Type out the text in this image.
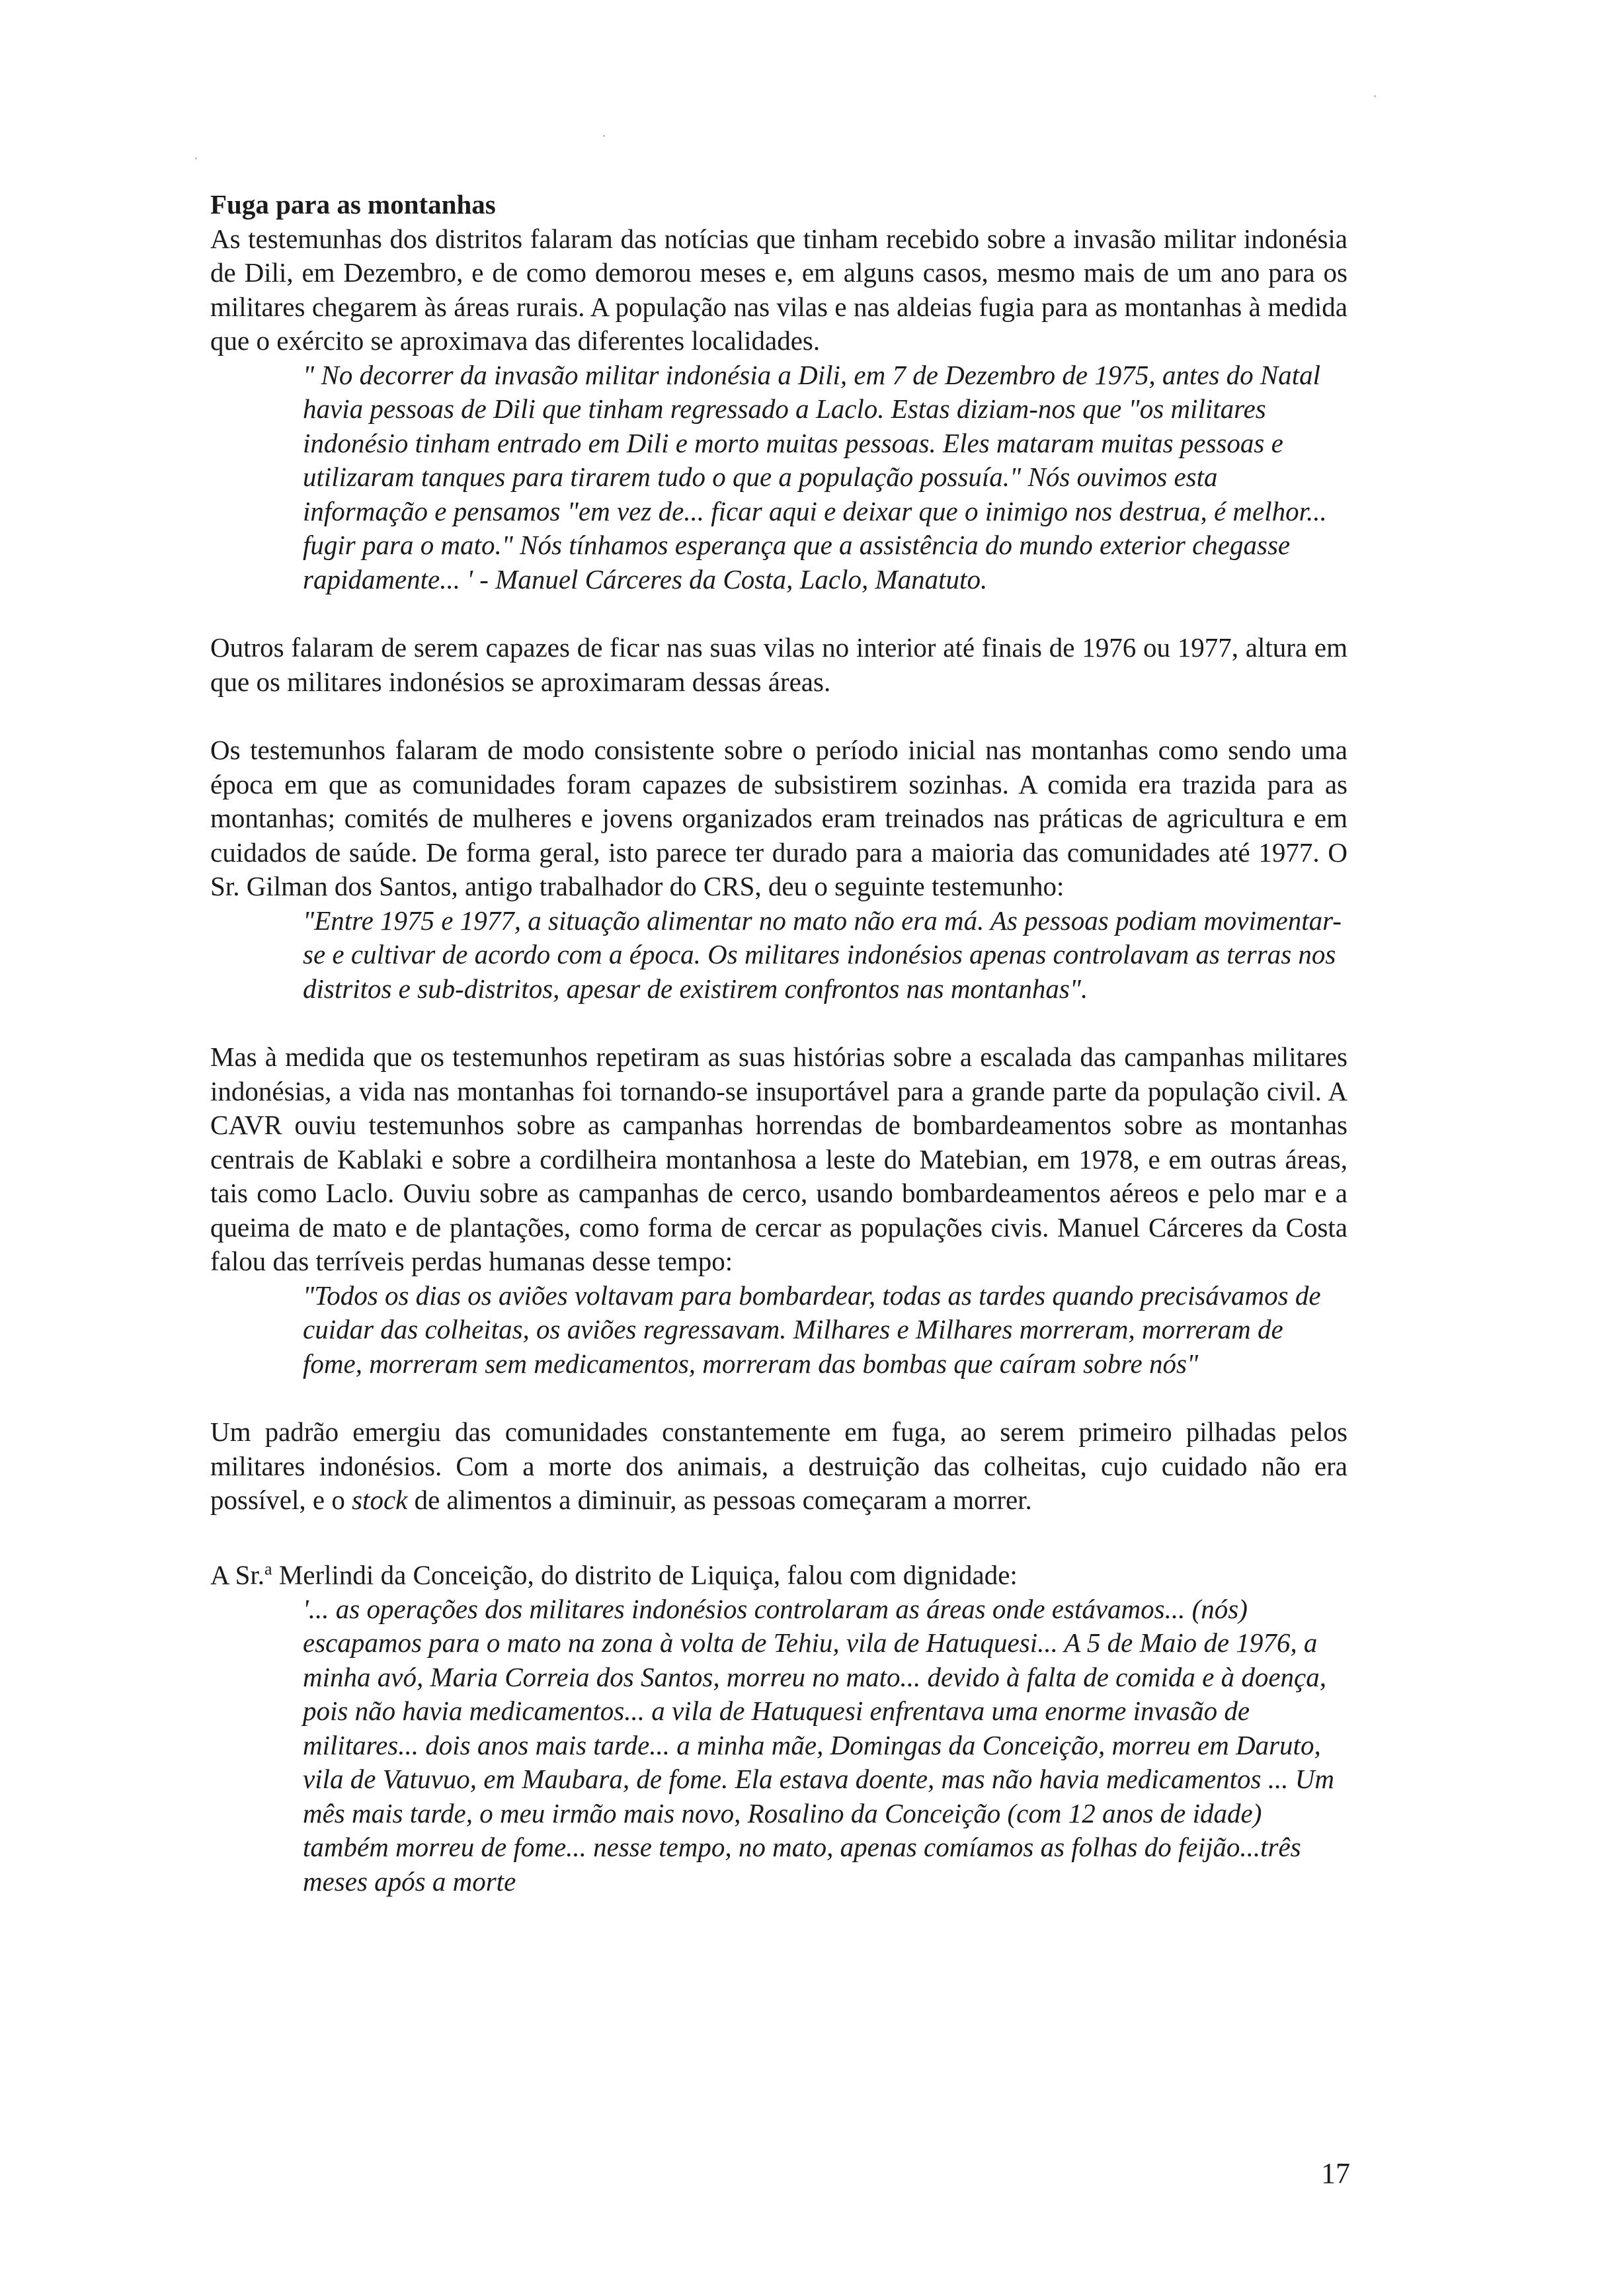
Fuga para as montanhas

As testemunhas dos distritos falaram das notícias que tinham recebido sobre a invasão militar indonésia de Dili, em Dezembro, e de como demorou meses e, em alguns casos, mesmo mais de um ano para os militares chegarem às áreas rurais. A população nas vilas e nas aldeias fugia para as montanhas à medida que o exército se aproximava das diferentes localidades.

" No decorrer da invasão militar indonésia a Dili, em 7 de Dezembro de 1975, antes do Natal havia pessoas de Dili que tinham regressado a Laclo. Estas diziam-nos que "os militares indonésio tinham entrado em Dili e morto muitas pessoas. Eles mataram muitas pessoas e utilizaram tanques para tirarem tudo o que a população possuía." Nós ouvimos esta informação e pensamos "em vez de... ficar aqui e deixar que o inimigo nos destrua, é melhor... fugir para o mato." Nós tínhamos esperança que a assistência do mundo exterior chegasse rapidamente... ' - Manuel Cárceres da Costa, Laclo, Manatuto.

Outros falaram de serem capazes de ficar nas suas vilas no interior até finais de 1976 ou 1977, altura em que os militares indonésios se aproximaram dessas áreas.

Os testemunhos falaram de modo consistente sobre o período inicial nas montanhas como sendo uma época em que as comunidades foram capazes de subsistirem sozinhas. A comida era trazida para as montanhas; comités de mulheres e jovens organizados eram treinados nas práticas de agricultura e em cuidados de saúde. De forma geral, isto parece ter durado para a maioria das comunidades até 1977. O Sr. Gilman dos Santos, antigo trabalhador do CRS, deu o seguinte testemunho:

"Entre 1975 e 1977, a situação alimentar no mato não era má. As pessoas podiam movimentar-se e cultivar de acordo com a época. Os militares indonésios apenas controlavam as terras nos distritos e sub-distritos, apesar de existirem confrontos nas montanhas".

Mas à medida que os testemunhos repetiram as suas histórias sobre a escalada das campanhas militares indonésias, a vida nas montanhas foi tornando-se insuportável para a grande parte da população civil. A CAVR ouviu testemunhos sobre as campanhas horrendas de bombardeamentos sobre as montanhas centrais de Kablaki e sobre a cordilheira montanhosa a leste do Matebian, em 1978, e em outras áreas, tais como Laclo. Ouviu sobre as campanhas de cerco, usando bombardeamentos aéreos e pelo mar e a queima de mato e de plantações, como forma de cercar as populações civis. Manuel Cárceres da Costa falou das terríveis perdas humanas desse tempo:

"Todos os dias os aviões voltavam para bombardear, todas as tardes quando precisávamos de cuidar das colheitas, os aviões regressavam. Milhares e Milhares morreram, morreram de fome, morreram sem medicamentos, morreram das bombas que caíram sobre nós"

Um padrão emergiu das comunidades constantemente em fuga, ao serem primeiro pilhadas pelos militares indonésios. Com a morte dos animais, a destruição das colheitas, cujo cuidado não era possível, e o stock de alimentos a diminuir, as pessoas começaram a morrer.

A Sr.$^a$ Merlindi da Conceição, do distrito de Liquiça, falou com dignidade:

'... as operações dos militares indonésios controlaram as áreas onde estávamos... (nós) escapamos para o mato na zona à volta de Tehiu, vila de Hatuquesi... A 5 de Maio de 1976, a minha avó, Maria Correia dos Santos, morreu no mato... devido à falta de comida e à doença, pois não havia medicamentos... a vila de Hatuquesi enfrentava uma enorme invasão de militares... dois anos mais tarde... a minha mãe, Domingas da Conceição, morreu em Daruto, vila de Vatuvuo, em Maubara, de fome. Ela estava doente, mas não havia medicamentos ... Um mês mais tarde, o meu irmão mais novo, Rosalino da Conceição (com 12 anos de idade) também morreu de fome... nesse tempo, no mato, apenas comíamos as folhas do feijão...três meses após a morte

17
